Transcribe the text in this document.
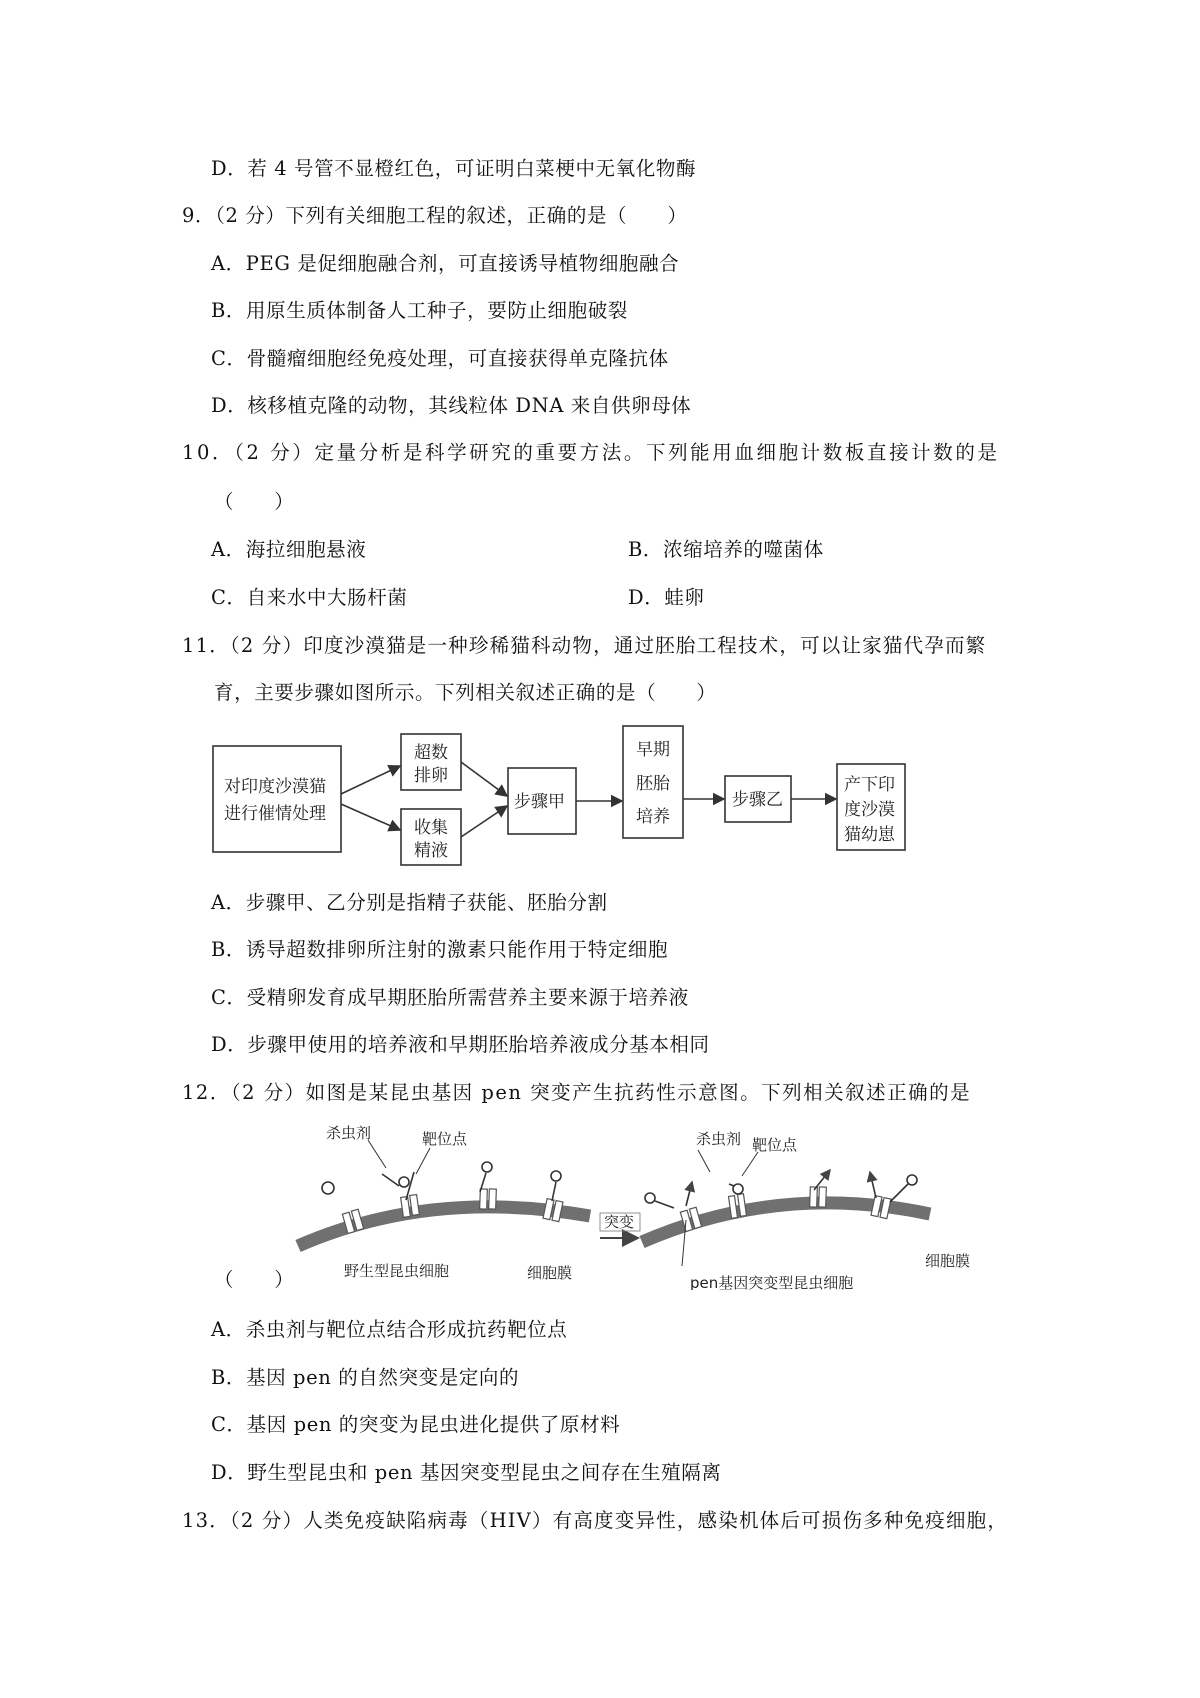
D．若 4 号管不显橙红色，可证明白菜梗中无氧化物酶
9．（2 分）下列有关细胞工程的叙述，正确的是（　　）
A．PEG 是促细胞融合剂，可直接诱导植物细胞融合
B．用原生质体制备人工种子，要防止细胞破裂
C．骨髓瘤细胞经免疫处理，可直接获得单克隆抗体
D．核移植克隆的动物，其线粒体 DNA 来自供卵母体
10．（2 分）定量分析是科学研究的重要方法。下列能用血细胞计数板直接计数的是
（　　）
A．海拉细胞悬液	B．浓缩培养的噬菌体
C．自来水中大肠杆菌	D．蛙卵
11．（2 分）印度沙漠猫是一种珍稀猫科动物，通过胚胎工程技术，可以让家猫代孕而繁
育，主要步骤如图所示。下列相关叙述正确的是（　　）
对印度沙漠猫
进行催情处理
超数
排卵
收集
精液
步骤甲
早期
胚胎
培养
步骤乙
产下印
度沙漠
猫幼崽
A．步骤甲、乙分别是指精子获能、胚胎分割
B．诱导超数排卵所注射的激素只能作用于特定细胞
C．受精卵发育成早期胚胎所需营养主要来源于培养液
D．步骤甲使用的培养液和早期胚胎培养液成分基本相同
12．（2 分）如图是某昆虫基因 pen 突变产生抗药性示意图。下列相关叙述正确的是
杀虫剂	靶位点
野生型昆虫细胞	细胞膜
突变
杀虫剂 靶位点
pen基因突变型昆虫细胞
细胞膜
（　　）
A．杀虫剂与靶位点结合形成抗药靶位点
B．基因 pen 的自然突变是定向的
C．基因 pen 的突变为昆虫进化提供了原材料
D．野生型昆虫和 pen 基因突变型昆虫之间存在生殖隔离
13．（2 分）人类免疫缺陷病毒（HIV）有高度变异性，感染机体后可损伤多种免疫细胞，
